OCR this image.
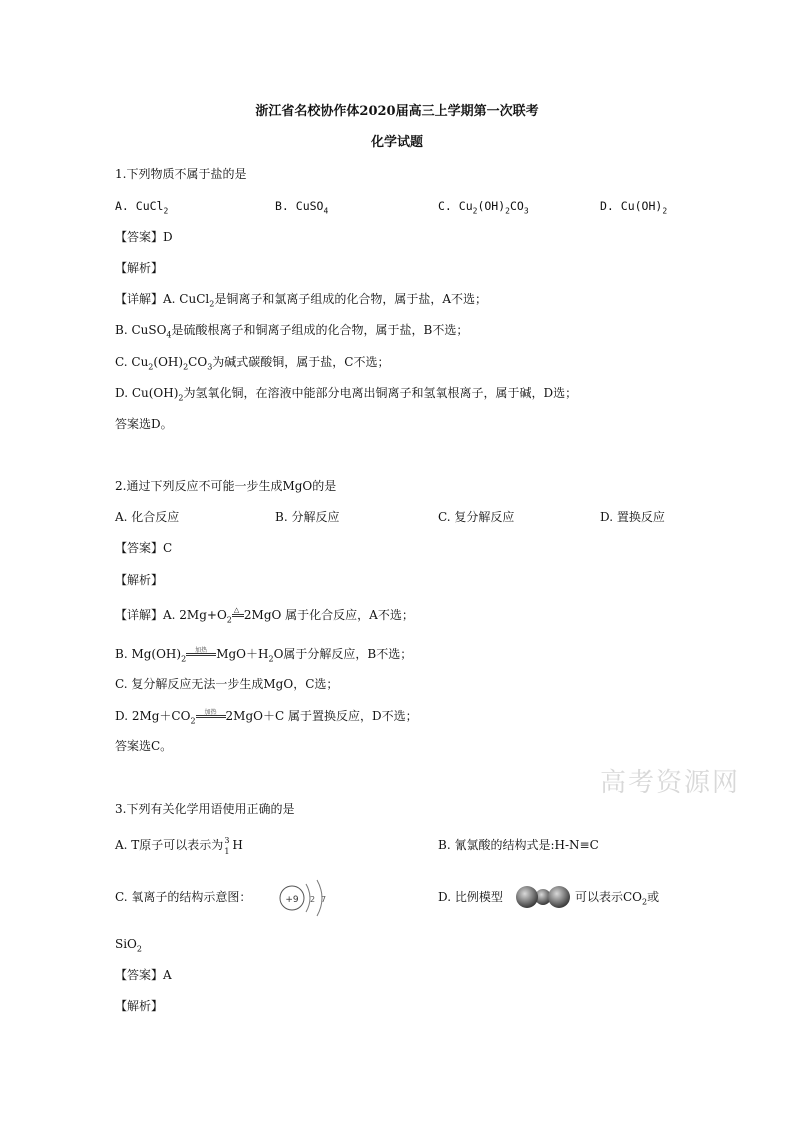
浙江省名校协作体2020届高三上学期第一次联考
化学试题
1.下列物质不属于盐的是
A. CuCl$_2$	B. CuSO$_4$	C. $Cu_2(OH)_2CO_3$	D. $Cu(OH)_2$
【答案】D
【解析】
【详解】A. CuCl$_2$是铜离子和氯离子组成的化合物，属于盐，A不选；
B. CuSO$_4$是硫酸根离子和铜离子组成的化合物，属于盐，B不选；
C. $Cu_2(OH)_2CO_3$为碱式碳酸铜，属于盐，C不选；
D. $Cu(OH)_2$为氢氧化铜，在溶液中能部分电离出铜离子和氢氧根离子，属于碱，D选；
答案选D。
2.通过下列反应不可能一步生成MgO的是
A. 化合反应	B. 分解反应	C. 复分解反应	D. 置换反应
【答案】C
【解析】
【详解】A. $2Mg+O_2$
△ 2MgO 属于化合反应，A不选；
B. $Mg(OH)_2$
加热 $MgO+H_2O$属于分解反应，B不选；
C. 复分解反应无法一步生成MgO，C选；
D. $2Mg+CO_2$
加热 2MgO＋C 属于置换反应，D不选；
答案选C。
高考资源网
3.下列有关化学用语使用正确的是
A. T原子可以表示为 3
1 H	B. 氰氯酸的结构式是:H-N≡C
C. 氧离子的结构示意图：	+9 2 7	D. 比例模型	可以表示$CO_2$或
SiO$_2$
【答案】A
【解析】
